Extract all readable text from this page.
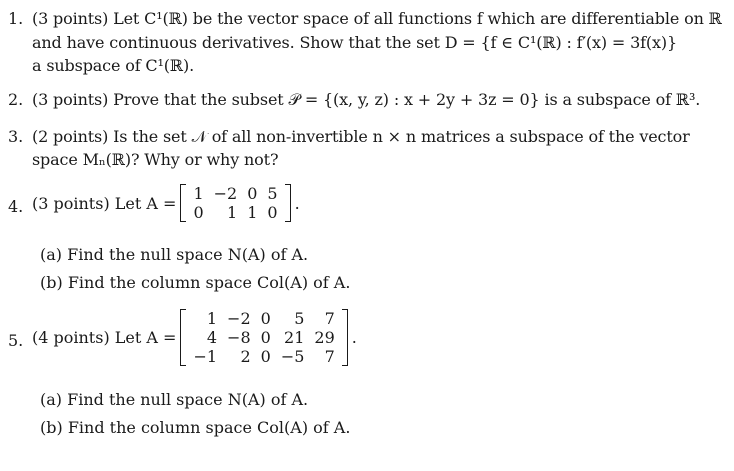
1. (3 points) Let C¹(ℝ) be the vector space of all functions f which are differentiable on ℝ
and have continuous derivatives. Show that the set D = {f ∈ C¹(ℝ) : f′(x) = 3f(x)}
a subspace of C¹(ℝ).
2. (3 points) Prove that the subset 𝒫 = {(x, y, z) : x + 2y + 3z = 0} is a subspace of ℝ³.
3. (2 points) Is the set 𝒩 of all non-invertible n × n matrices a subspace of the vector
space Mₙ(ℝ)? Why or why not?
4. (3 points) Let A =	1 −2 0 5
0	1 1 0	.
(a) Find the null space N(A) of A.
(b) Find the column space Col(A) of A.
5. (4 points) Let A =
1 −2 0	5	7
4 −8 0 21 29
−1	2 0 −5	7
.
(a) Find the null space N(A) of A.
(b) Find the column space Col(A) of A.
